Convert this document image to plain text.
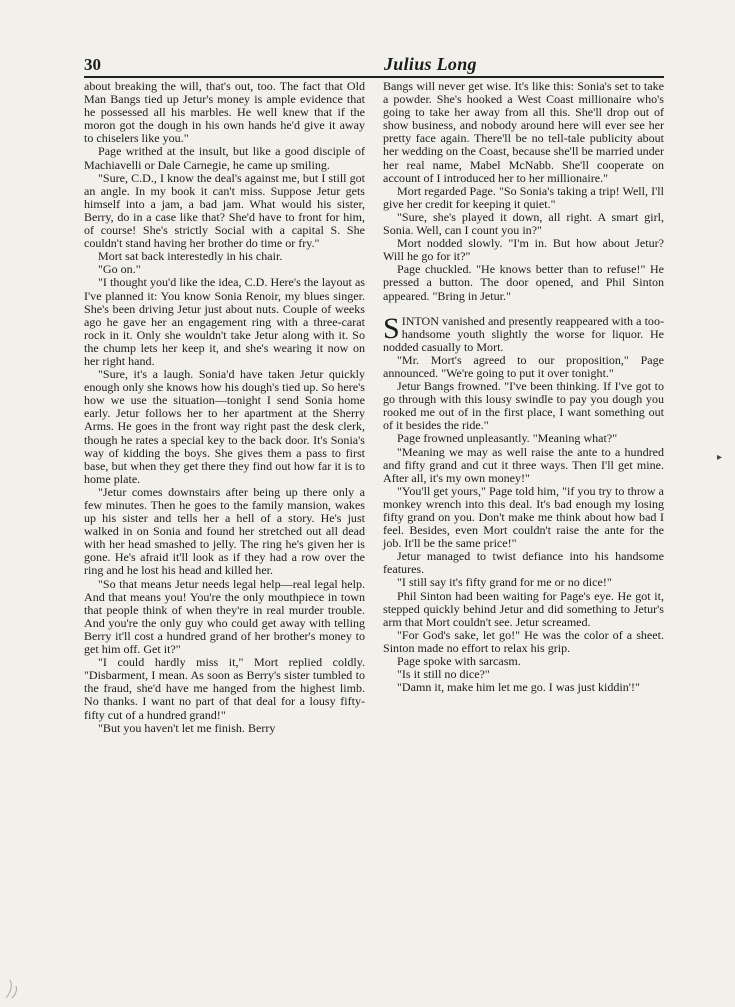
30	Julius Long

about breaking the will, that's out, too. The fact that Old Man Bangs tied up Jetur's money is ample evidence that he possessed all his marbles. He well knew that if the moron got the dough in his own hands he'd give it away to chiselers like you."

Page writhed at the insult, but like a good disciple of Machiavelli or Dale Carnegie, he came up smiling.

"Sure, C.D., I know the deal's against me, but I still got an angle. In my book it can't miss. Suppose Jetur gets himself into a jam, a bad jam. What would his sister, Berry, do in a case like that? She'd have to front for him, of course! She's strictly Social with a capital S. She couldn't stand having her brother do time or fry."

Mort sat back interestedly in his chair.

"Go on."

"I thought you'd like the idea, C.D. Here's the layout as I've planned it: You know Sonia Renoir, my blues singer. She's been driving Jetur just about nuts. Couple of weeks ago he gave her an engagement ring with a three-carat rock in it. Only she wouldn't take Jetur along with it. So the chump lets her keep it, and she's wearing it now on her right hand.

"Sure, it's a laugh. Sonia'd have taken Jetur quickly enough only she knows how his dough's tied up. So here's how we use the situation—tonight I send Sonia home early. Jetur follows her to her apartment at the Sherry Arms. He goes in the front way right past the desk clerk, though he rates a special key to the back door. It's Sonia's way of kidding the boys. She gives them a pass to first base, but when they get there they find out how far it is to home plate.

"Jetur comes downstairs after being up there only a few minutes. Then he goes to the family mansion, wakes up his sister and tells her a hell of a story. He's just walked in on Sonia and found her stretched out all dead with her head smashed to jelly. The ring he's given her is gone. He's afraid it'll look as if they had a row over the ring and he lost his head and killed her.

"So that means Jetur needs legal help—real legal help. And that means you! You're the only mouthpiece in town that people think of when they're in real murder trouble. And you're the only guy who could get away with telling Berry it'll cost a hundred grand of her brother's money to get him off. Get it?"

"I could hardly miss it," Mort replied coldly. "Disbarment, I mean. As soon as Berry's sister tumbled to the fraud, she'd have me hanged from the highest limb. No thanks. I want no part of that deal for a lousy fifty-fifty cut of a hundred grand!"

"But you haven't let me finish. Berry

Bangs will never get wise. It's like this: Sonia's set to take a powder. She's hooked a West Coast millionaire who's going to take her away from all this. She'll drop out of show business, and nobody around here will ever see her pretty face again. There'll be no tell-tale publicity about her wedding on the Coast, because she'll be married under her real name, Mabel McNabb. She'll cooperate on account of I introduced her to her millionaire."

Mort regarded Page. "So Sonia's taking a trip! Well, I'll give her credit for keeping it quiet."

"Sure, she's played it down, all right. A smart girl, Sonia. Well, can I count you in?"

Mort nodded slowly. "I'm in. But how about Jetur? Will he go for it?"

Page chuckled. "He knows better than to refuse!" He pressed a button. The door opened, and Phil Sinton appeared. "Bring in Jetur."

SINTON vanished and presently reappeared with a too-handsome youth slightly the worse for liquor. He nodded casually to Mort.

"Mr. Mort's agreed to our proposition," Page announced. "We're going to put it over tonight."

Jetur Bangs frowned. "I've been thinking. If I've got to go through with this lousy swindle to pay you dough you rooked me out of in the first place, I want something out of it besides the ride."

Page frowned unpleasantly. "Meaning what?"

"Meaning we may as well raise the ante to a hundred and fifty grand and cut it three ways. Then I'll get mine. After all, it's my own money!"

"You'll get yours," Page told him, "if you try to throw a monkey wrench into this deal. It's bad enough my losing fifty grand on you. Don't make me think about how bad I feel. Besides, even Mort couldn't raise the ante for the job. It'll be the same price!"

Jetur managed to twist defiance into his handsome features.

"I still say it's fifty grand for me or no dice!"

Phil Sinton had been waiting for Page's eye. He got it, stepped quickly behind Jetur and did something to Jetur's arm that Mort couldn't see. Jetur screamed.

"For God's sake, let go!" He was the color of a sheet. Sinton made no effort to relax his grip.

Page spoke with sarcasm.

"Is it still no dice?"

"Damn it, make him let me go. I was just kiddin'!"

▸
